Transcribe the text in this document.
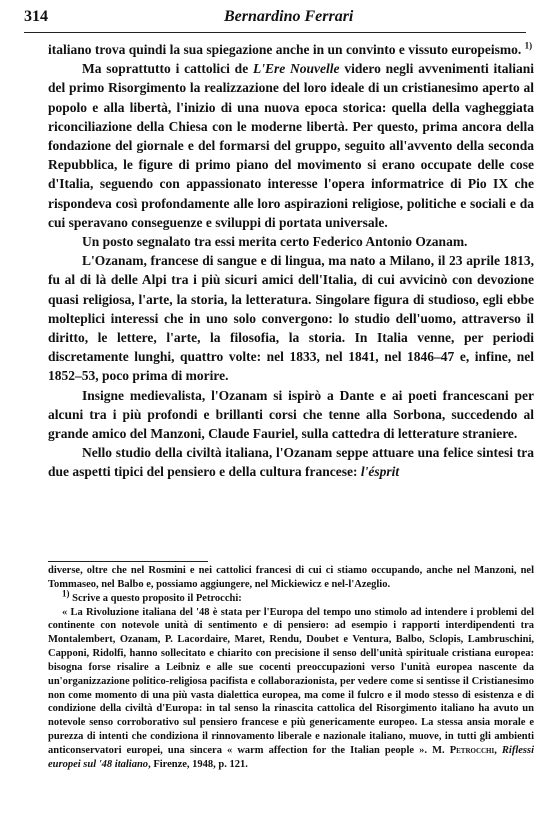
314	Bernardino Ferrari

italiano trova quindi la sua spiegazione anche in un convinto e vissuto europeismo. $^{1)}$

Ma soprattutto i cattolici de L'Ere Nouvelle videro negli avvenimenti italiani del primo Risorgimento la realizzazione del loro ideale di un cristianesimo aperto al popolo e alla libertà, l'inizio di una nuova epoca storica: quella della vagheggiata riconciliazione della Chiesa con le moderne libertà. Per questo, prima ancora della fondazione del giornale e del formarsi del gruppo, seguito all'avvento della seconda Repubblica, le figure di primo piano del movimento si erano occupate delle cose d'Italia, seguendo con appassionato interesse l'opera informatrice di Pio IX che rispondeva così profondamente alle loro aspirazioni religiose, politiche e sociali e da cui speravano conseguenze e sviluppi di portata universale.

Un posto segnalato tra essi merita certo Federico Antonio Ozanam.

L'Ozanam, francese di sangue e di lingua, ma nato a Milano, il 23 aprile 1813, fu al di là delle Alpi tra i più sicuri amici dell'Italia, di cui avvicinò con devozione quasi religiosa, l'arte, la storia, la letteratura. Singolare figura di studioso, egli ebbe molteplici interessi che in uno solo convergono: lo studio dell'uomo, attraverso il diritto, le lettere, l'arte, la filosofia, la storia. In Italia venne, per periodi discretamente lunghi, quattro volte: nel 1833, nel 1841, nel 1846–47 e, infine, nel 1852–53, poco prima di morire.

Insigne medievalista, l'Ozanam si ispirò a Dante e ai poeti francescani per alcuni tra i più profondi e brillanti corsi che tenne alla Sorbona, succedendo al grande amico del Manzoni, Claude Fauriel, sulla cattedra di letterature straniere.

Nello studio della civiltà italiana, l'Ozanam seppe attuare una felice sintesi tra due aspetti tipici del pensiero e della cultura francese: l'ésprit

diverse, oltre che nel Rosmini e nei cattolici francesi di cui ci stiamo occupando, anche nel Manzoni, nel Tommaseo, nel Balbo e, possiamo aggiungere, nel Mickiewicz e nel-l'Azeglio.

$^{1)}$ Scrive a questo proposito il Petrocchi:

« La Rivoluzione italiana del '48 è stata per l'Europa del tempo uno stimolo ad intendere i problemi del continente con notevole unità di sentimento e di pensiero: ad esempio i rapporti interdipendenti tra Montalembert, Ozanam, P. Lacordaire, Maret, Rendu, Doubet e Ventura, Balbo, Sclopis, Lambruschini, Capponi, Ridolfi, hanno sollecitato e chiarito con precisione il senso dell'unità spirituale cristiana europea: bisogna forse risalire a Leibniz e alle sue cocenti preoccupazioni verso l'unità europea nascente da un'organizzazione politico-religiosa pacifista e collaborazionista, per vedere come si sentisse il Cristianesimo non come momento di una più vasta dialettica europea, ma come il fulcro e il modo stesso di esistenza e di condizione della civiltà d'Europa: in tal senso la rinascita cattolica del Risorgimento italiano ha avuto un notevole senso corroborativo sul pensiero francese e più genericamente europeo. La stessa ansia morale e purezza di intenti che condiziona il rinnovamento liberale e nazionale italiano, muove, in tutti gli ambienti anticonservatori europei, una sincera « warm affection for the Italian people ». M. Petrocchi, Riflessi europei sul '48 italiano, Firenze, 1948, p. 121.
